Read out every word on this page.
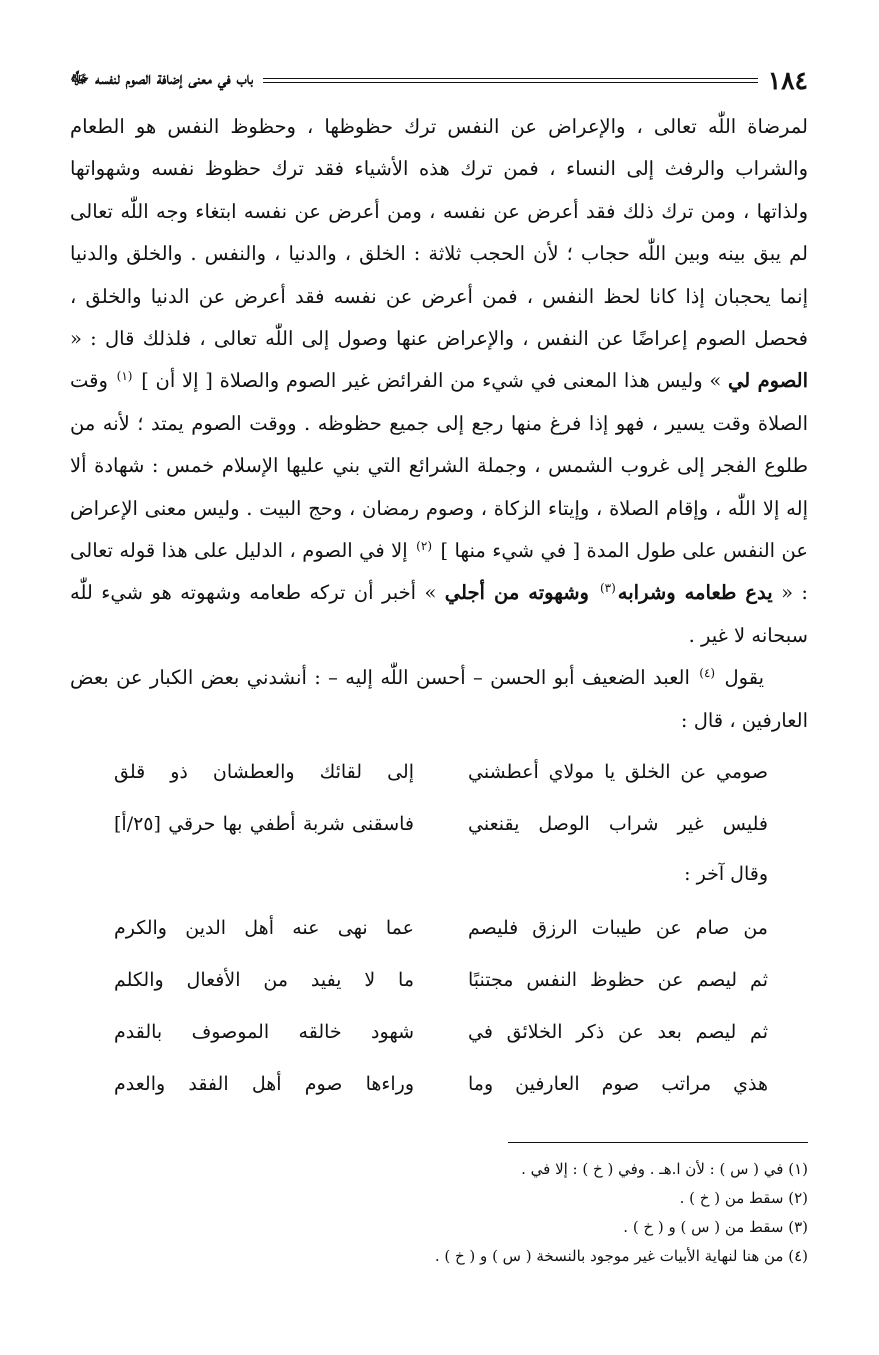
١٨٤
باب في معنى إضافة الصوم لنفسه ﷻ

لمرضاة اللّٰه تعالى ، والإعراض عن النفس ترك حظوظها ، وحظوظ النفس هو الطعام والشراب والرفث إلى النساء ، فمن ترك هذه الأشياء فقد ترك حظوظ نفسه وشهواتها ولذاتها ، ومن ترك ذلك فقد أعرض عن نفسه ، ومن أعرض عن نفسه ابتغاء وجه اللّٰه تعالى لم يبق بينه وبين اللّٰه حجاب ؛ لأن الحجب ثلاثة : الخلق ، والدنيا ، والنفس . والخلق والدنيا إنما يحجبان إذا كانا لحظ النفس ، فمن أعرض عن نفسه فقد أعرض عن الدنيا والخلق ، فحصل الصوم إعراضًا عن النفس ، والإعراض عنها وصول إلى اللّٰه تعالى ، فلذلك قال : « الصوم لي » وليس هذا المعنى في شيء من الفرائض غير الصوم والصلاة [ إلا أن ] $^{(١)}$ وقت الصلاة وقت يسير ، فهو إذا فرغ منها رجع إلى جميع حظوظه . ووقت الصوم يمتد ؛ لأنه من طلوع الفجر إلى غروب الشمس ، وجملة الشرائع التي بني عليها الإسلام خمس : شهادة ألا إله إلا اللّٰه ، وإقام الصلاة ، وإيتاء الزكاة ، وصوم رمضان ، وحج البيت . وليس معنى الإعراض عن النفس على طول المدة [ في شيء منها ] $^{(٢)}$ إلا في الصوم ، الدليل على هذا قوله تعالى : « يدع طعامه وشرابه$^{(٣)}$ وشهوته من أجلي » أخبر أن تركه طعامه وشهوته هو شيء للّٰه سبحانه لا غير .

يقول $^{(٤)}$ العبد الضعيف أبو الحسن – أحسن اللّٰه إليه – : أنشدني بعض الكبار عن بعض العارفين ، قال :

صومي عن الخلق يا مولاي أعطشني
إلى لقائك والعطشان ذو قلق
فليس غير شراب الوصل يقنعني
فاسقنى شربة أطفي بها حرقي [٢٥/أ]
وقال آخر :
من صام عن طيبات الرزق فليصم
عما نهى عنه أهل الدين والكرم
ثم ليصم عن حظوظ النفس مجتنبًا
ما لا يفيد من الأفعال والكلم
ثم ليصم بعد عن ذكر الخلائق في
شهود خالقه الموصوف بالقدم
هذي مراتب صوم العارفين وما
وراءها صوم أهل الفقد والعدم
(١) في ( س ) : لأن ا.هـ . وفي ( خ ) : إلا في .
(٢) سقط من ( خ ) .
(٣) سقط من ( س ) و ( خ ) .
(٤) من هنا لنهاية الأبيات غير موجود بالنسخة ( س ) و ( خ ) .
